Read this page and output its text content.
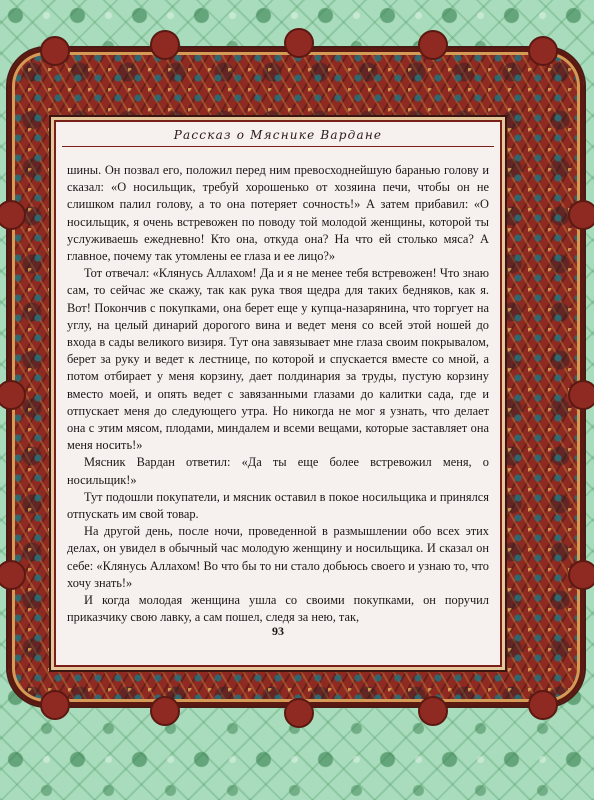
Рассказ о Мяснике Вардане

шины. Он позвал его, положил перед ним превосходнейшую баранью голову и сказал: «О носильщик, требуй хорошенько от хозяина печи, чтобы он не слишком палил голову, а то она потеряет сочность!» А затем прибавил: «О носильщик, я очень встревожен по поводу той молодой женщины, которой ты услуживаешь ежедневно! Кто она, откуда она? На что ей столько мяса? А главное, почему так утомлены ее глаза и ее лицо?»

Тот отвечал: «Клянусь Аллахом! Да и я не менее тебя встревожен! Что знаю сам, то сейчас же скажу, так как рука твоя щедра для таких бедняков, как я. Вот! Покончив с покупками, она берет еще у купца-назарянина, что торгует на углу, на целый динарий дорогого вина и ведет меня со всей этой ношей до входа в сады великого визиря. Тут она завязывает мне глаза своим покрывалом, берет за руку и ведет к лестнице, по которой и спускается вместе со мной, а потом отбирает у меня корзину, дает полдинария за труды, пустую корзину вместо моей, и опять ведет с завязанными глазами до калитки сада, где и отпускает меня до следующего утра. Но никогда не мог я узнать, что делает она с этим мясом, плодами, миндалем и всеми вещами, которые заставляет она меня носить!»

Мясник Вардан ответил: «Да ты еще более встревожил меня, о носильщик!»

Тут подошли покупатели, и мясник оставил в покое носильщика и принялся отпускать им свой товар.

На другой день, после ночи, проведенной в размышлении обо всех этих делах, он увидел в обычный час молодую женщину и носильщика. И сказал он себе: «Клянусь Аллахом! Во что бы то ни стало добьюсь своего и узнаю то, что хочу знать!»

И когда молодая женщина ушла со своими покупками, он поручил приказчику свою лавку, а сам пошел, следя за нею, так,

93
